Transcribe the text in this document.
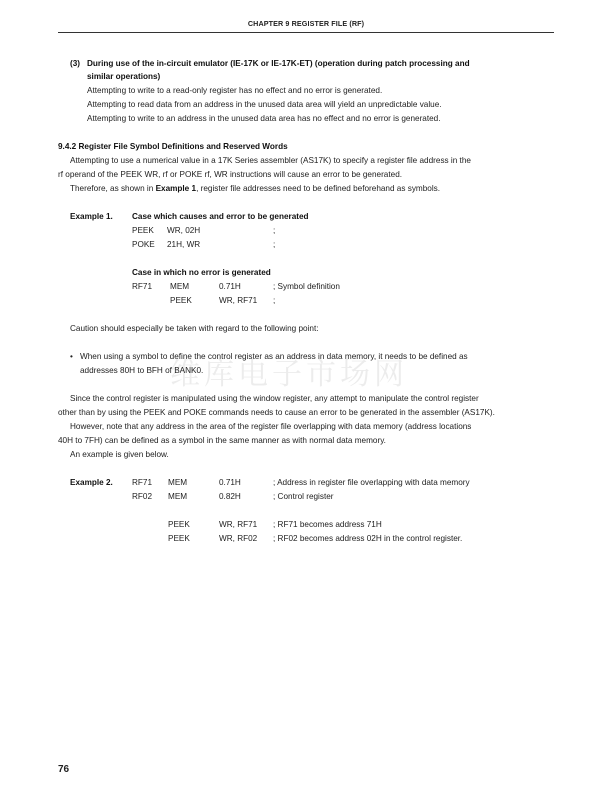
CHAPTER 9 REGISTER FILE (RF)
维库电子市场网
(3) During use of the in-circuit emulator (IE-17K or IE-17K-ET) (operation during patch processing and
similar operations)
Attempting to write to a read-only register has no effect and no error is generated.
Attempting to read data from an address in the unused data area will yield an unpredictable value.
Attempting to write to an address in the unused data area has no effect and no error is generated.
9.4.2 Register File Symbol Definitions and Reserved Words
Attempting to use a numerical value in a 17K Series assembler (AS17K) to specify a register file address in the
rf operand of the PEEK WR, rf or POKE rf, WR instructions will cause an error to be generated.
Therefore, as shown in Example 1, register file addresses need to be defined beforehand as symbols.
Example 1. Case which causes and error to be generated
PEEK WR, 02H	;
POKE 21H, WR	;
Case in which no error is generated
RF71 MEM	0.71H	; Symbol definition
PEEK	WR, RF71 ;
Caution should especially be taken with regard to the following point:
• When using a symbol to define the control register as an address in data memory, it needs to be defined as
addresses 80H to BFH of BANK0.
Since the control register is manipulated using the window register, any attempt to manipulate the control register
other than by using the PEEK and POKE commands needs to cause an error to be generated in the assembler (AS17K).
However, note that any address in the area of the register file overlapping with data memory (address locations
40H to 7FH) can be defined as a symbol in the same manner as with normal data memory.
An example is given below.
Example 2. RF71 MEM	0.71H	; Address in register file overlapping with data memory
RF02 MEM	0.82H	; Control register
PEEK	WR, RF71 ; RF71 becomes address 71H
PEEK	WR, RF02 ; RF02 becomes address 02H in the control register.
76
